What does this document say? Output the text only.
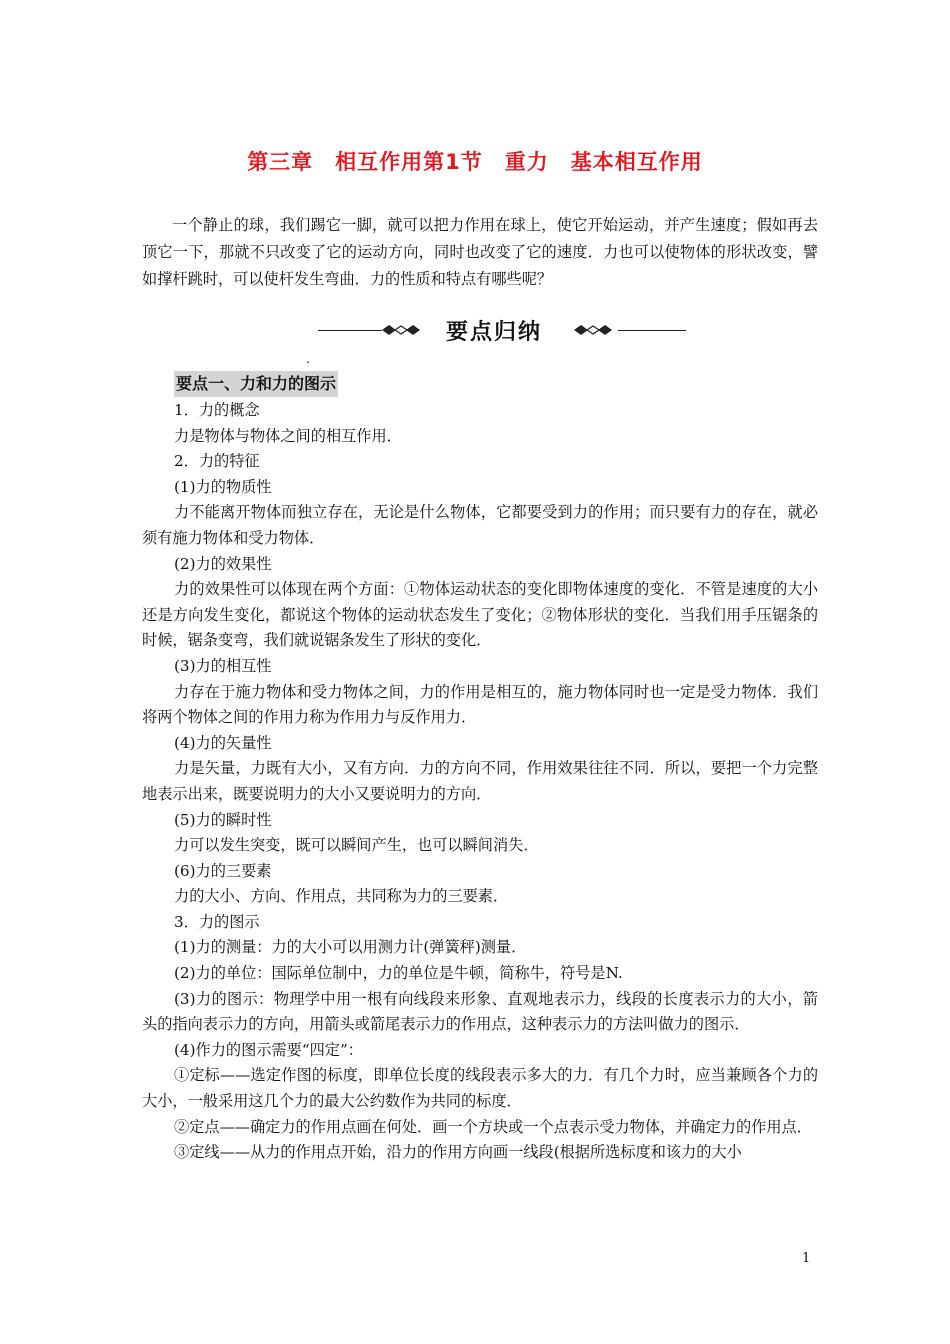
第三章　相互作用第1节　重力　基本相互作用
一个静止的球，我们踢它一脚，就可以把力作用在球上，使它开始运动，并产生速度；假如再去顶它一下，那就不只改变了它的运动方向，同时也改变了它的速度．力也可以使物体的形状改变，譬如撑杆跳时，可以使杆发生弯曲．力的性质和特点有哪些呢？
要点归纳
.
要点一、力和力的图示

1．力的概念

力是物体与物体之间的相互作用．

2．力的特征

(1)力的物质性

力不能离开物体而独立存在，无论是什么物体，它都要受到力的作用；而只要有力的存在，就必须有施力物体和受力物体．

(2)力的效果性

力的效果性可以体现在两个方面：①物体运动状态的变化即物体速度的变化．不管是速度的大小还是方向发生变化，都说这个物体的运动状态发生了变化；②物体形状的变化．当我们用手压锯条的时候，锯条变弯，我们就说锯条发生了形状的变化．

(3)力的相互性

力存在于施力物体和受力物体之间，力的作用是相互的，施力物体同时也一定是受力物体．我们将两个物体之间的作用力称为作用力与反作用力．

(4)力的矢量性

力是矢量，力既有大小，又有方向．力的方向不同，作用效果往往不同．所以，要把一个力完整地表示出来，既要说明力的大小又要说明力的方向．

(5)力的瞬时性

力可以发生突变，既可以瞬间产生，也可以瞬间消失．

(6)力的三要素

力的大小、方向、作用点，共同称为力的三要素．

3．力的图示

(1)力的测量：力的大小可以用测力计(弹簧秤)测量．

(2)力的单位：国际单位制中，力的单位是牛顿，简称牛，符号是N.

(3)力的图示：物理学中用一根有向线段来形象、直观地表示力，线段的长度表示力的大小，箭头的指向表示力的方向，用箭头或箭尾表示力的作用点，这种表示力的方法叫做力的图示．

(4)作力的图示需要“四定”：

①定标——选定作图的标度，即单位长度的线段表示多大的力．有几个力时，应当兼顾各个力的大小，一般采用这几个力的最大公约数作为共同的标度．

②定点——确定力的作用点画在何处．画一个方块或一个点表示受力物体，并确定力的作用点．

③定线——从力的作用点开始，沿力的作用方向画一线段(根据所选标度和该力的大小

1
